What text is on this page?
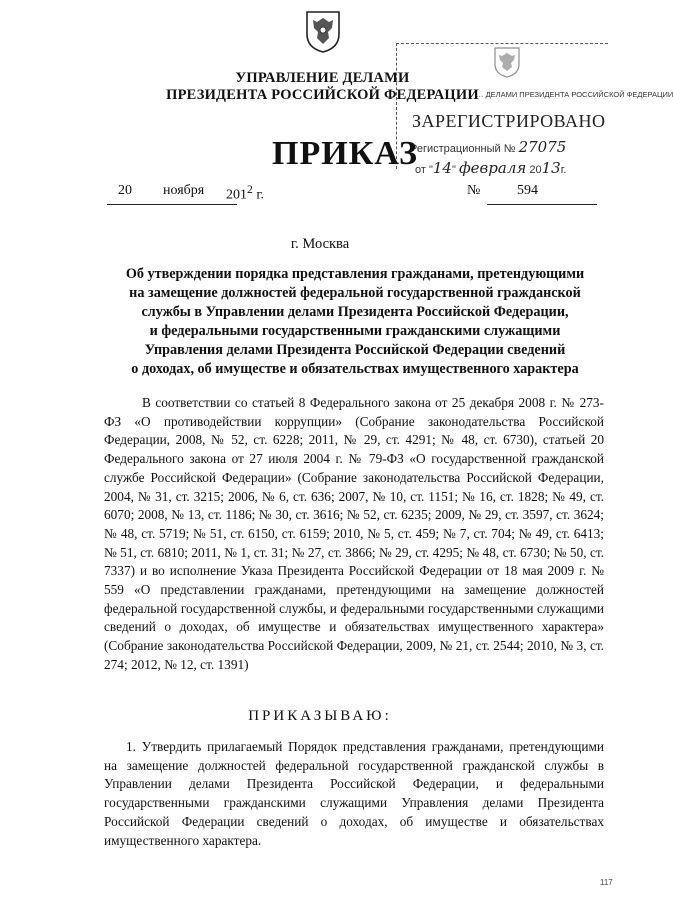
УПРАВЛЕНИЕ ДЕЛАМИ
ПРЕЗИДЕНТА РОССИЙСКОЙ ФЕДЕРАЦИИ
… ДЕЛАМИ ПРЕЗИДЕНТА РОССИЙСКОЙ ФЕДЕРАЦИИ
ЗАРЕГИСТРИРОВАНО
Регистрационный № 27075
от "14" февраля 2013г.
ПРИКАЗ
20 ноября $201^2$ г.	№	594
г. Москва
Об утверждении порядка представления гражданами, претендующими
на замещение должностей федеральной государственной гражданской
службы в Управлении делами Президента Российской Федерации,
и федеральными государственными гражданскими служащими
Управления делами Президента Российской Федерации сведений
о доходах, об имуществе и обязательствах имущественного характера

В соответствии со статьей 8 Федерального закона от 25 декабря 2008 г. № 273-ФЗ «О противодействии коррупции» (Собрание законодательства Российской Федерации, 2008, № 52, ст. 6228; 2011, № 29, ст. 4291; № 48, ст. 6730), статьей 20 Федерального закона от 27 июля 2004 г. № 79-ФЗ «О государственной гражданской службе Российской Федерации» (Собрание законодательства Российской Федерации, 2004, № 31, ст. 3215; 2006, № 6, ст. 636; 2007, № 10, ст. 1151; № 16, ст. 1828; № 49, ст. 6070; 2008, № 13, ст. 1186; № 30, ст. 3616; № 52, ст. 6235; 2009, № 29, ст. 3597, ст. 3624; № 48, ст. 5719; № 51, ст. 6150, ст. 6159; 2010, № 5, ст. 459; № 7, ст. 704; № 49, ст. 6413; № 51, ст. 6810; 2011, № 1, ст. 31; № 27, ст. 3866; № 29, ст. 4295; № 48, ст. 6730; № 50, ст. 7337) и во исполнение Указа Президента Российской Федерации от 18 мая 2009 г. № 559 «О представлении гражданами, претендующими на замещение должностей федеральной государственной службы, и федеральными государственными служащими сведений о доходах, об имуществе и обязательствах имущественного характера» (Собрание законодательства Российской Федерации, 2009, № 21, ст. 2544; 2010, № 3, ст. 274; 2012, № 12, ст. 1391)

ПРИКАЗЫВАЮ:

1. Утвердить прилагаемый Порядок представления гражданами, претендующими на замещение должностей федеральной государственной гражданской службы в Управлении делами Президента Российской Федерации, и федеральными государственными гражданскими служащими Управления делами Президента Российской Федерации сведений о доходах, об имуществе и обязательствах имущественного характера.

117
